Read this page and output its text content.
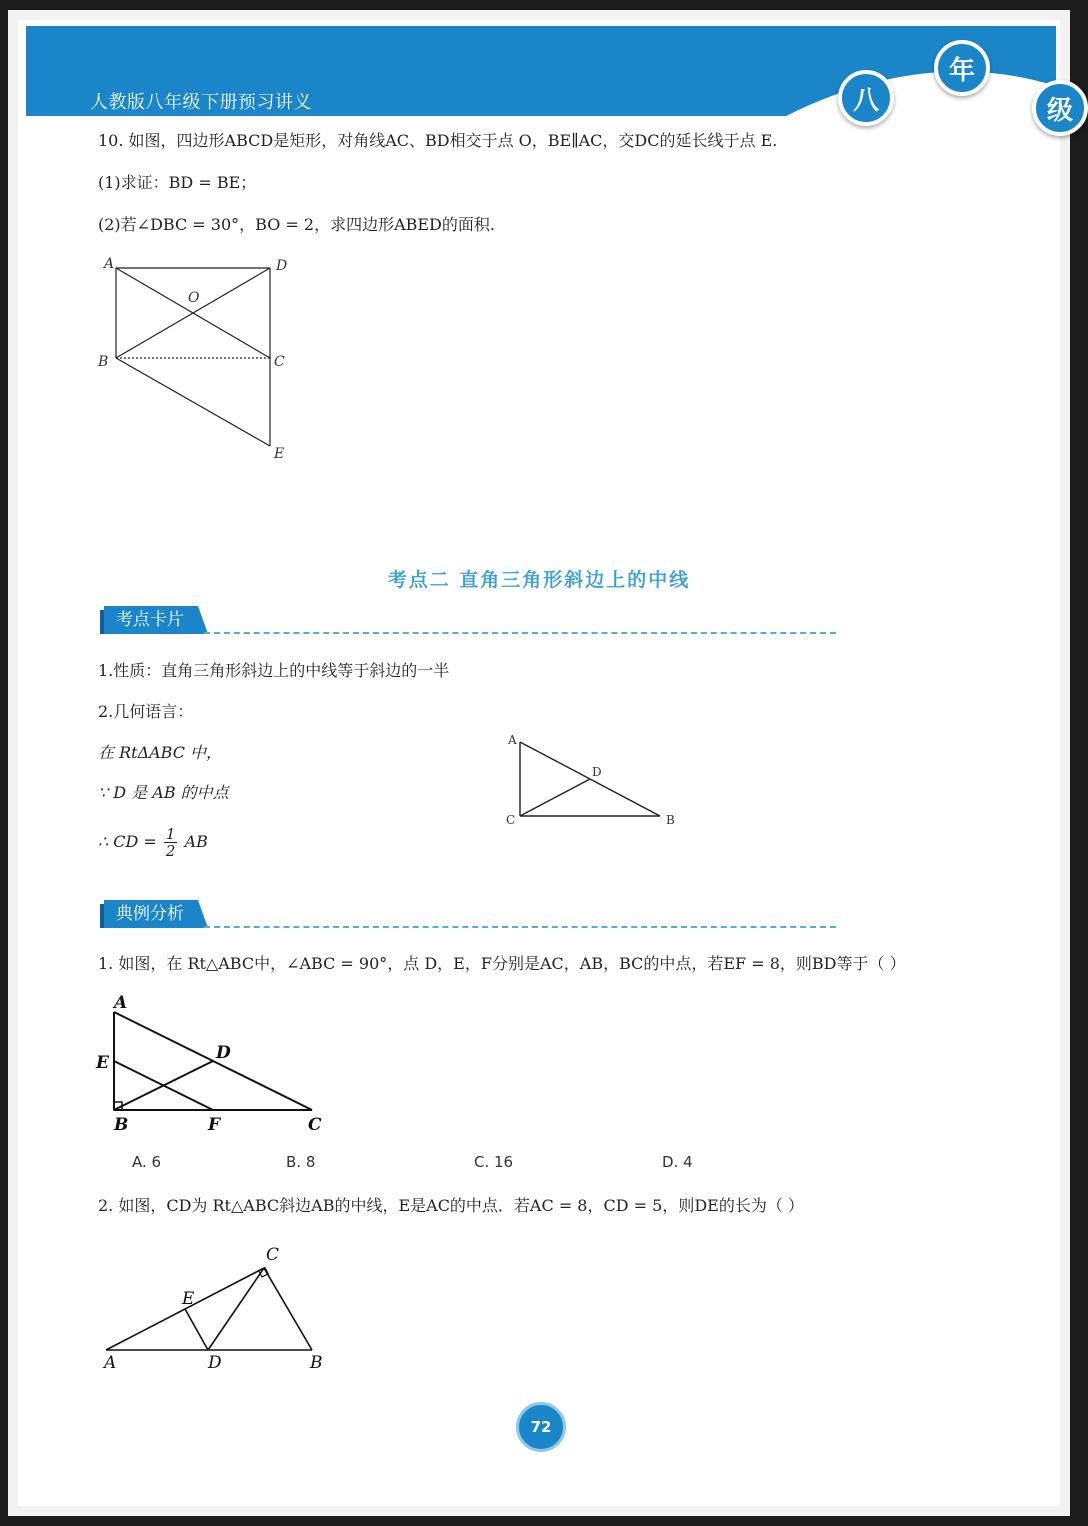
人教版八年级下册预习讲义	八
年
级
10. 如图，四边形ABCD是矩形，对角线AC、BD相交于点 O，BE∥AC，交DC的延长线于点 E.
(1)求证：BD = BE；
(2)若∠DBC = 30°，BO = 2，求四边形ABED的面积.
A	D
O
B	C
E
考点二 直角三角形斜边上的中线
考点卡片
1.性质：直角三角形斜边上的中线等于斜边的一半
2.几何语言：
在 RtΔABC 中，
∵ D 是 AB 的中点
∴ CD = $\frac{1}{2}$ AB
A
D
C	B
典例分析
1. 如图，在 Rt△ABC中，∠ABC = 90°，点 D，E，F分别是AC，AB，BC的中点，若EF = 8，则BD等于（ ）
A
D
E
B	F	C
A. 6	B. 8	C. 16	D. 4
2. 如图，CD为 Rt△ABC斜边AB的中线，E是AC的中点．若AC = 8，CD = 5，则DE的长为（ ）
C
E
A	D	B
72
